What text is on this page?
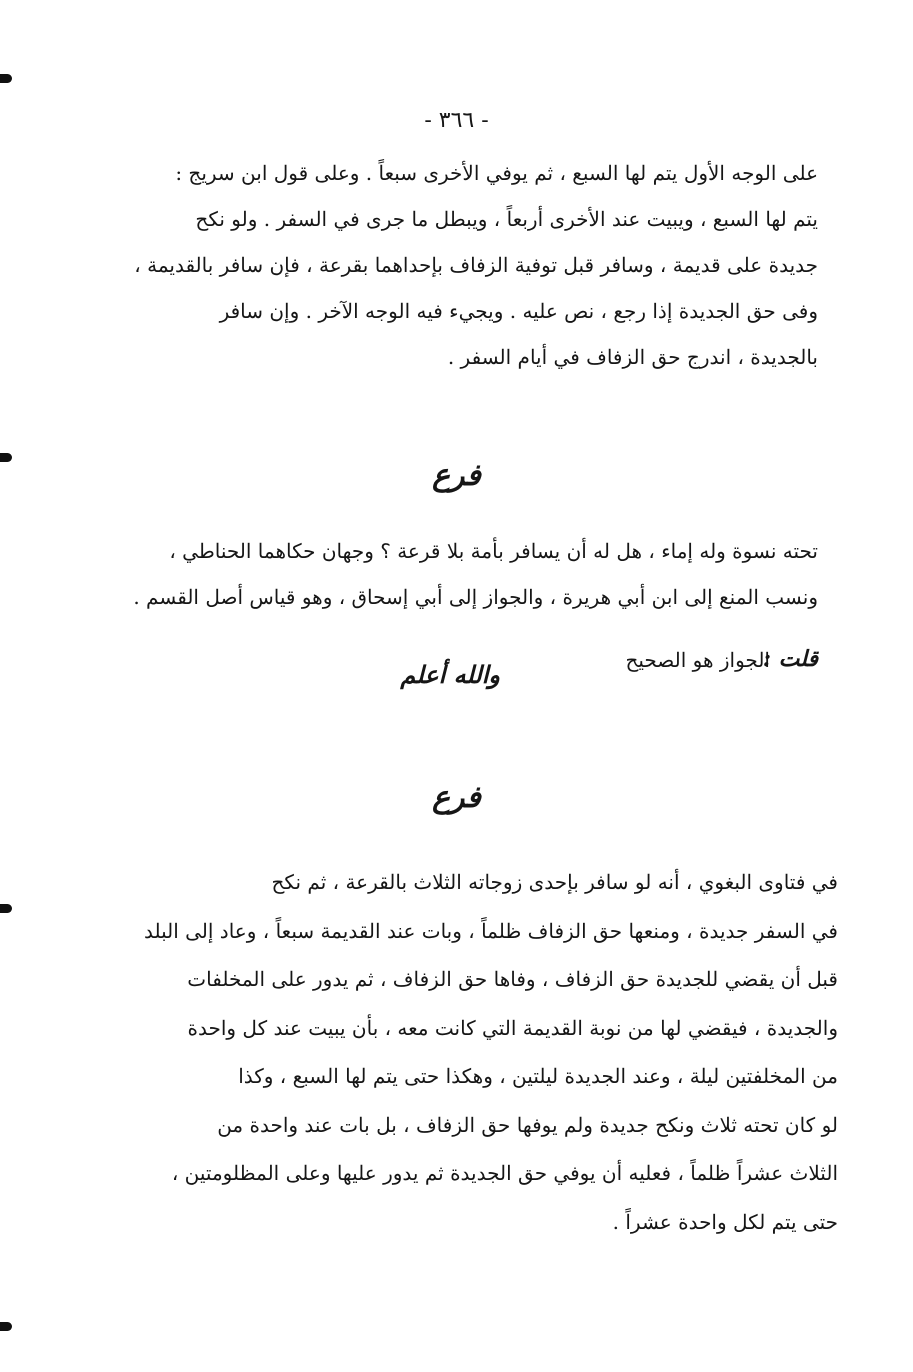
- ٣٦٦ -
على الوجه الأول يتم لها السبع ، ثم يوفي الأخرى سبعاً . وعلى قول ابن سريج :
يتم لها السبع ، ويبيت عند الأخرى أربعاً ، ويبطل ما جرى في السفر . ولو نكح
جديدة على قديمة ، وسافر قبل توفية الزفاف بإحداهما بقرعة ، فإن سافر بالقديمة ،
وفى حق الجديدة إذا رجع ، نص عليه . ويجيء فيه الوجه الآخر . وإن سافر
بالجديدة ، اندرج حق الزفاف في أيام السفر .
فرع
تحته نسوة وله إماء ، هل له أن يسافر بأمة بلا قرعة ؟ وجهان حكاهما الحناطي ،
ونسب المنع إلى ابن أبي هريرة ، والجواز إلى أبي إسحاق ، وهو قياس أصل القسم .
قلت :
الجواز هو الصحيح
والله أعلم
فرع
في فتاوى البغوي ، أنه لو سافر بإحدى زوجاته الثلاث بالقرعة ، ثم نكح
في السفر جديدة ، ومنعها حق الزفاف ظلماً ، وبات عند القديمة سبعاً ، وعاد إلى البلد
قبل أن يقضي للجديدة حق الزفاف ، وفاها حق الزفاف ، ثم يدور على المخلفات
والجديدة ، فيقضي لها من نوبة القديمة التي كانت معه ، بأن يبيت عند كل واحدة
من المخلفتين ليلة ، وعند الجديدة ليلتين ، وهكذا حتى يتم لها السبع ، وكذا
لو كان تحته ثلاث ونكح جديدة ولم يوفها حق الزفاف ، بل بات عند واحدة من
الثلاث عشراً ظلماً ، فعليه أن يوفي حق الجديدة ثم يدور عليها وعلى المظلومتين ،
حتى يتم لكل واحدة عشراً .
